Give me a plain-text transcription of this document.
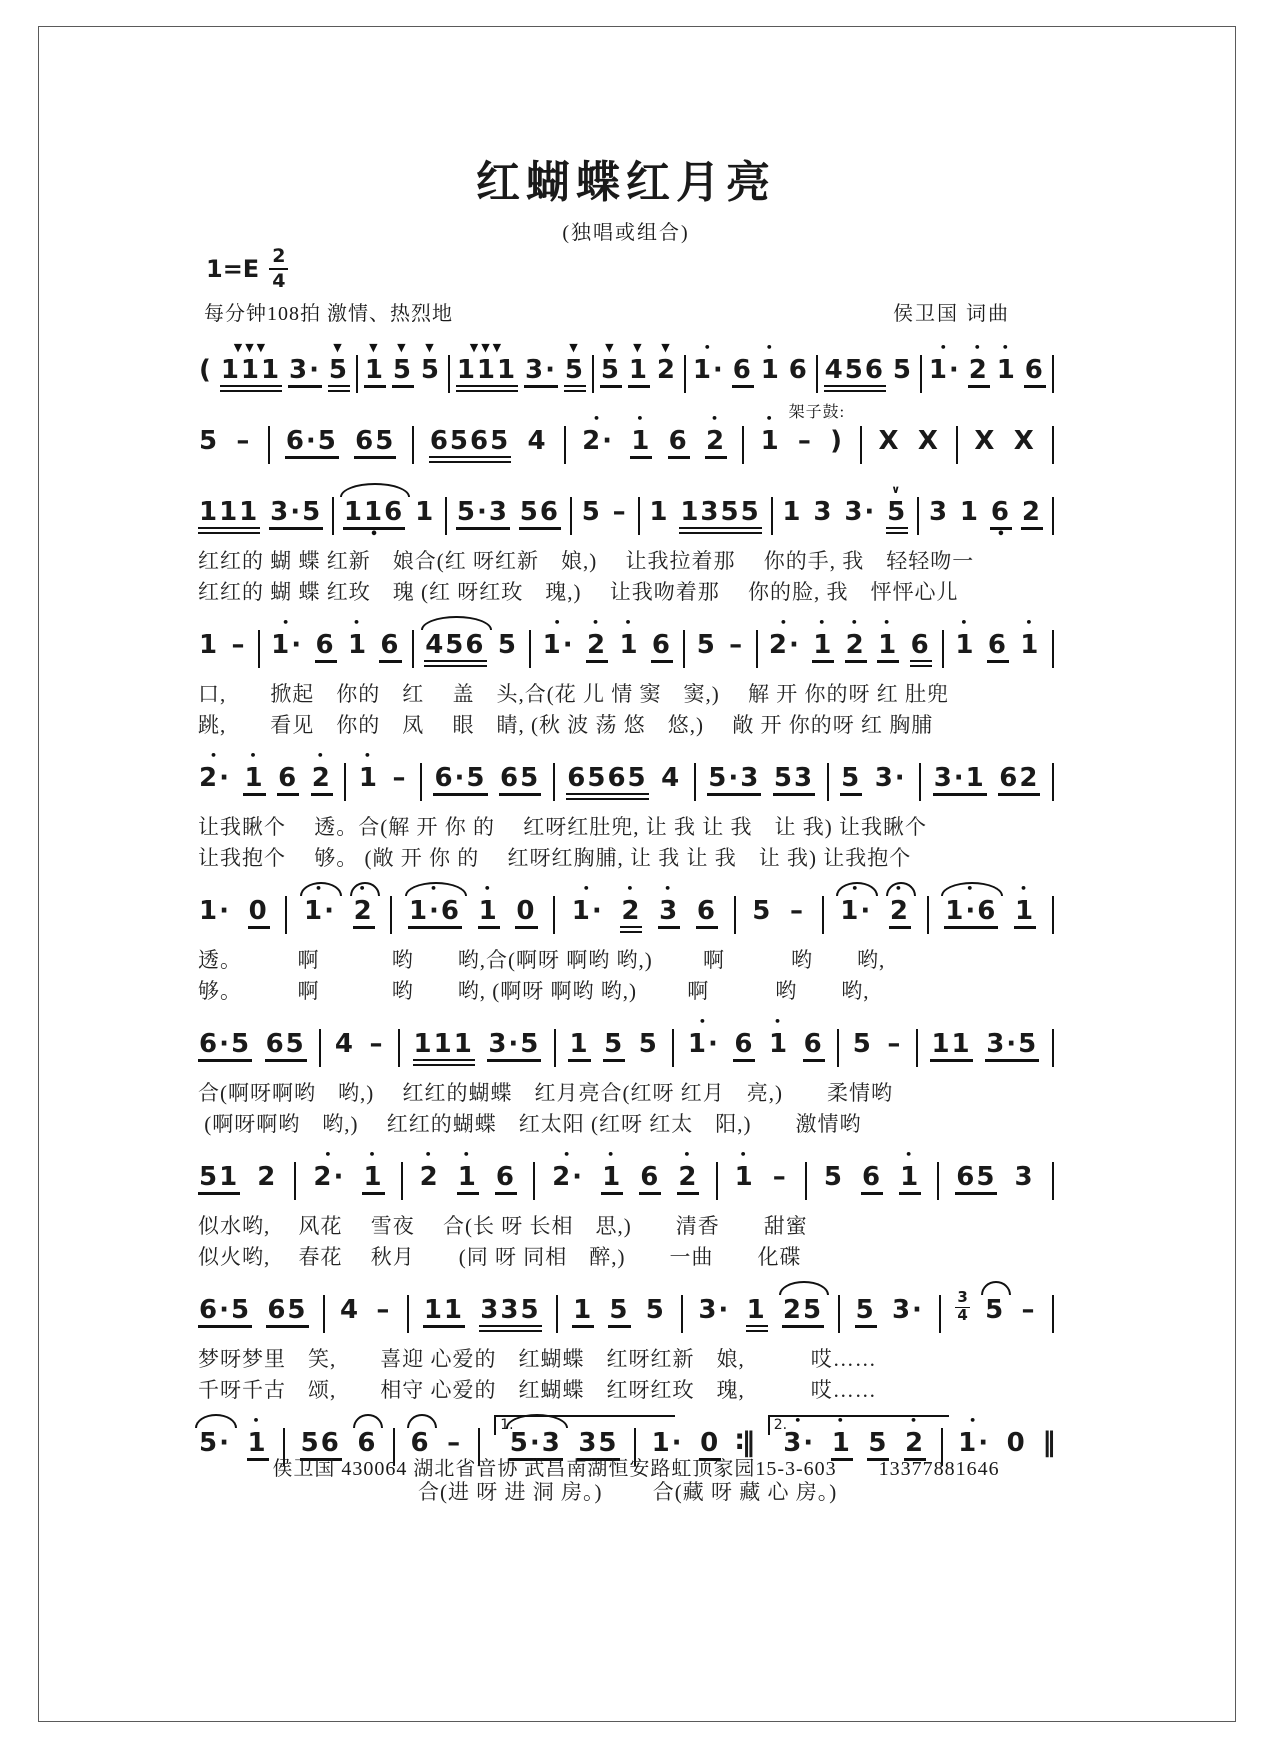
红蝴蝶红月亮
(独唱或组合)
$1=E \frac{2}{4}$
每分钟108拍 激情、热烈地	侯卫国 词曲
(
▼▼▼
111 3·
▼
5
▼
1
▼
5
▼
5
▼▼▼
111 3·
▼
5
▼
5
▼
1
▼
2
•
1· 6
•
1 6 456 5
•
1·
•
2
•
1 6
架子鼓:
5 – 6·5 65 6565 4
•
2·
•
1 6
•
2
•
1 – ) X X X X
111 3·5 116
•
1 5·3 56 5 – 1 1355 1 3 3·
∨
5 3 1 6
•
2
红红的 蝴 蝶 红新　娘合(红 呀红新　娘,)　 让我拉着那　 你的手, 我　轻轻吻一
红红的 蝴 蝶 红玫　瑰 (红 呀红玫　瑰,)　 让我吻着那　 你的脸, 我　怦怦心儿
1 –
•
1· 6
•
1 6 456 5
•
1·
•
2
•
1 6 5 –
•
2·
•
1
•
2
•
1 6
•
1 6
•
1
口,　　掀起　你的　红　 盖　头,合(花 儿 情 窦　窦,)　 解 开 你的呀 红 肚兜
跳,　　看见　你的　凤　 眼　睛, (秋 波 荡 悠　悠,)　 敞 开 你的呀 红 胸脯
•
2·
•
1 6
•
2
•
1 – 6·5 65 6565 4 5·3 53 5 3· 3·1 62
让我瞅个　 透。合(解 开 你 的　 红呀红肚兜, 让 我 让 我　让 我) 让我瞅个
让我抱个　 够。 (敞 开 你 的　 红呀红胸脯, 让 我 让 我　让 我) 让我抱个
1· 0
•
1·
•
2
•
1·6
•
1 0
•
1·
•
2
•
3 6 5 –
•
1·
•
2
•
1·6
•
1
透。　　　啊　　　 哟　　哟,合(啊呀 啊哟 哟,)　　 啊　　　哟　　哟,
够。　　　啊　　　 哟　　哟, (啊呀 啊哟 哟,)　　 啊　　　哟　　哟,
6·5 65 4 – 111 3·5 1 5 5
•
1· 6
•
1 6 5 – 11 3·5
合(啊呀啊哟　哟,)　 红红的蝴蝶　红月亮合(红呀 红月　亮,)　　柔情哟
(啊呀啊哟　哟,)　 红红的蝴蝶　红太阳 (红呀 红太　阳,)　　激情哟
51 2
•
2·
•
1
•
2
•
1 6
•
2·
•
1 6
•
2
•
1 – 5 6
•
1 65 3
似水哟,　 风花　 雪夜　 合(长 呀 长相　思,)　　清香　　甜蜜
似火哟,　 春花　 秋月　　(同 呀 同相　醉,)　　一曲　　化碟
6·5 65 4 – 11 335 1 5 5 3· 1 25 5 3· 3
4 5 –
梦呀梦里　笑,　　喜迎 心爱的　红蝴蝶　红呀红新　娘,　　　哎……
千呀千古　颂,　　相守 心爱的　红蝴蝶　红呀红玫　瑰,　　　哎……
5·
•
1 56 6 6 –
1.
5·3 35 1· 0 ∶‖
2. •
3·
•
1 5
•
2
•
1· 0 ‖
　　　　　　　　　　合(进 呀 进 洞 房。)　　 合(藏 呀 藏 心 房。)
侯卫国 430064 湖北省音协 武昌南湖恒安路虹顶家园15-3-603　　13377881646
